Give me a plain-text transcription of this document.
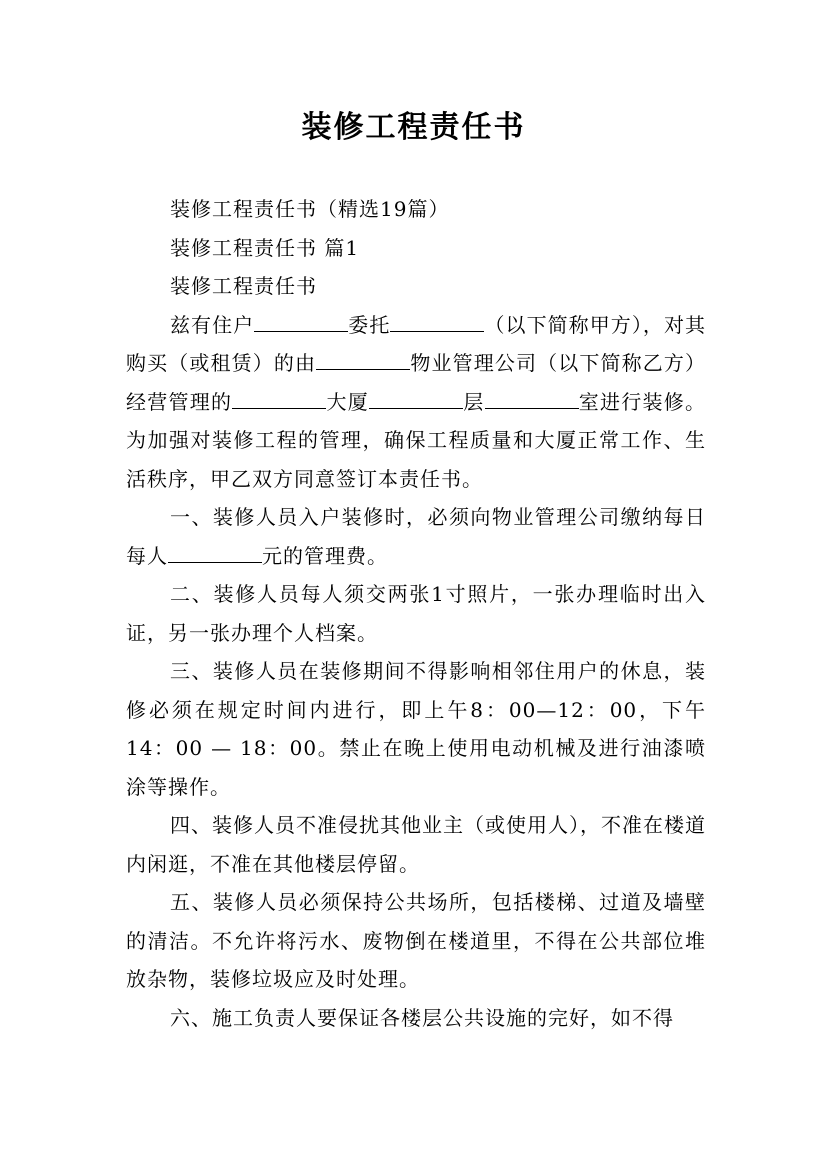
装修工程责任书

装修工程责任书（精选19篇）

装修工程责任书 篇1

装修工程责任书

兹有住户	委托	（以下简称甲方），对其购买（或租赁）的由	物业管理公司（以下简称乙方）经营管理的	大厦	层	室进行装修。为加强对装修工程的管理，确保工程质量和大厦正常工作、生活秩序，甲乙双方同意签订本责任书。

一、装修人员入户装修时，必须向物业管理公司缴纳每日每人	元的管理费。

二、装修人员每人须交两张1寸照片，一张办理临时出入证，另一张办理个人档案。

三、装修人员在装修期间不得影响相邻住用户的休息，装修必须在规定时间内进行，即上午8：00—12：00，下午14：00 — 18：00。禁止在晚上使用电动机械及进行油漆喷涂等操作。

四、装修人员不准侵扰其他业主（或使用人），不准在楼道内闲逛，不准在其他楼层停留。

五、装修人员必须保持公共场所，包括楼梯、过道及墙壁的清洁。不允许将污水、废物倒在楼道里，不得在公共部位堆放杂物，装修垃圾应及时处理。

六、施工负责人要保证各楼层公共设施的完好，如不得
